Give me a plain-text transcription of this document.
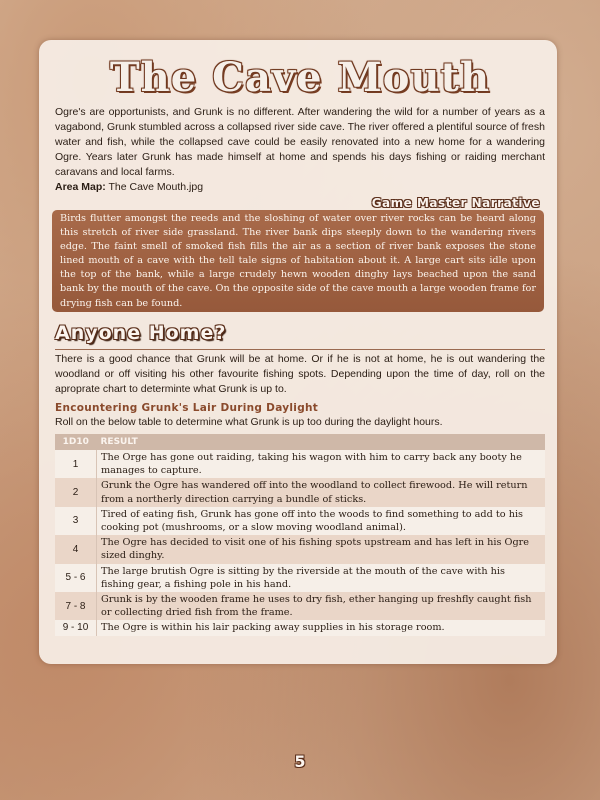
The Cave Mouth

Ogre's are opportunists, and Grunk is no different. After wandering the wild for a number of years as a vagabond, Grunk stumbled across a collapsed river side cave. The river offered a plentiful source of fresh water and fish, while the collapsed cave could be easily renovated into a new home for a wandering Ogre. Years later Grunk has made himself at home and spends his days fishing or raiding merchant caravans and local farms.

Area Map: The Cave Mouth.jpg

Game Master Narrative
Birds flutter amongst the reeds and the sloshing of water over river rocks can be heard along this stretch of river side grassland. The river bank dips steeply down to the wandering rivers edge. The faint smell of smoked fish fills the air as a section of river bank exposes the stone lined mouth of a cave with the tell tale signs of habitation about it. A large cart sits idle upon the top of the bank, while a large crudely hewn wooden dinghy lays beached upon the sand bank by the mouth of the cave. On the opposite side of the cave mouth a large wooden frame for drying fish can be found.
Anyone Home?

There is a good chance that Grunk will be at home. Or if he is not at home, he is out wandering the woodland or off visiting his other favourite fishing spots. Depending upon the time of day, roll on the aproprate chart to determinte what Grunk is up to.

Encountering Grunk's Lair During Daylight

Roll on the below table to determine what Grunk is up too during the daylight hours.

1D10	RESULT
1	The Orge has gone out raiding, taking his wagon with him to carry back any booty he manages to capture.
2	Grunk the Ogre has wandered off into the woodland to collect firewood. He will return from a northerly direction carrying a bundle of sticks.
3	Tired of eating fish, Grunk has gone off into the woods to find something to add to his cooking pot (mushrooms, or a slow moving woodland animal).
4	The Ogre has decided to visit one of his fishing spots upstream and has left in his Ogre sized dinghy.
5 - 6	The large brutish Ogre is sitting by the riverside at the mouth of the cave with his fishing gear, a fishing pole in his hand.
7 - 8	Grunk is by the wooden frame he uses to dry fish, ether hanging up freshfly caught fish or collecting dried fish from the frame.
9 - 10	The Ogre is within his lair packing away supplies in his storage room.
5
